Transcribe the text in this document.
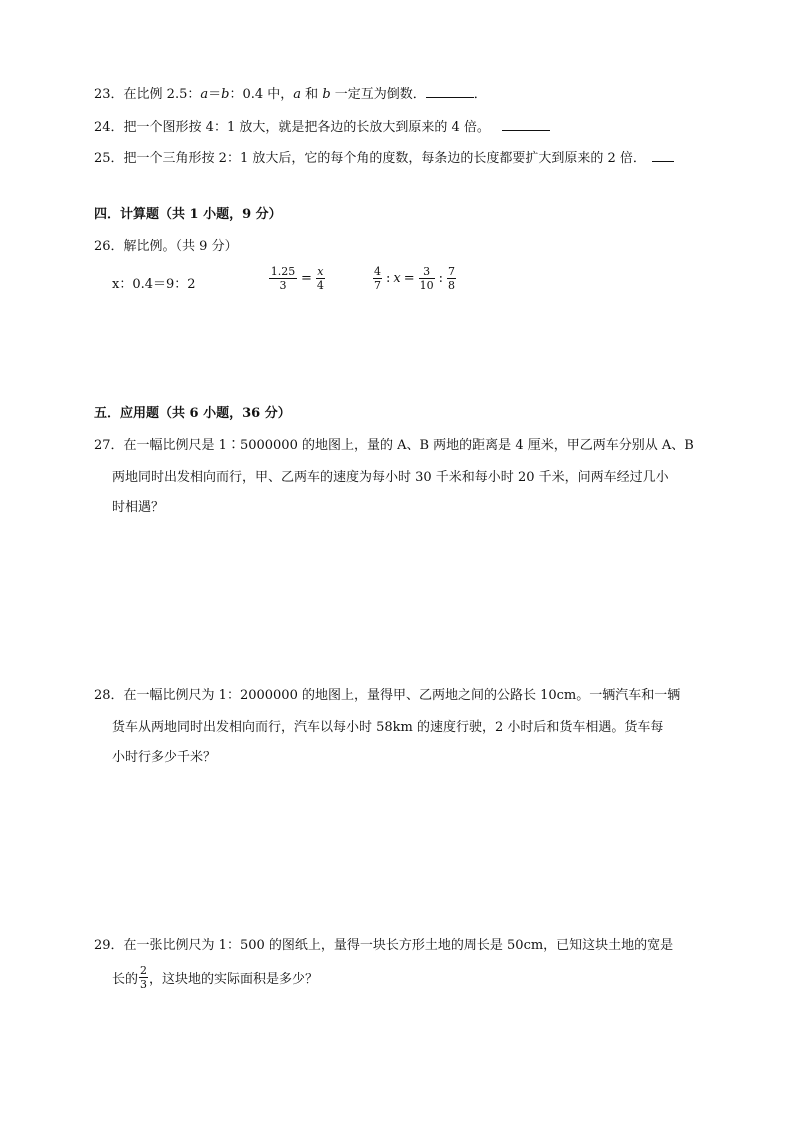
23．在比例 2.5：a＝b：0.4 中，a 和 b 一定互为倒数．	．
24．把一个图形按 4：1 放大，就是把各边的长放大到原来的 4 倍。
25．把一个三角形按 2：1 放大后，它的每个角的度数，每条边的长度都要扩大到原来的 2 倍．
四．计算题（共 1 小题，9 分）
26．解比例。（共 9 分）
x：0.4＝9：2	$\frac{1.25}{3} = \frac{x}{4}$	$\frac{4}{7}$ : $x = \frac{3}{10}$ : $\frac{7}{8}$
五．应用题（共 6 小题，36 分）
27．在一幅比例尺是 1∶5000000 的地图上，量的 A、B 两地的距离是 4 厘米，甲乙两车分别从 A、B
两地同时出发相向而行，甲、乙两车的速度为每小时 30 千米和每小时 20 千米，问两车经过几小
时相遇？
28．在一幅比例尺为 1：2000000 的地图上，量得甲、乙两地之间的公路长 10cm。一辆汽车和一辆
货车从两地同时出发相向而行，汽车以每小时 58km 的速度行驶，2 小时后和货车相遇。货车每
小时行多少千米？
29．在一张比例尺为 1：500 的图纸上，量得一块长方形土地的周长是 50cm，已知这块土地的宽是
长的 $\frac{2}{3}$ ，这块地的实际面积是多少？
